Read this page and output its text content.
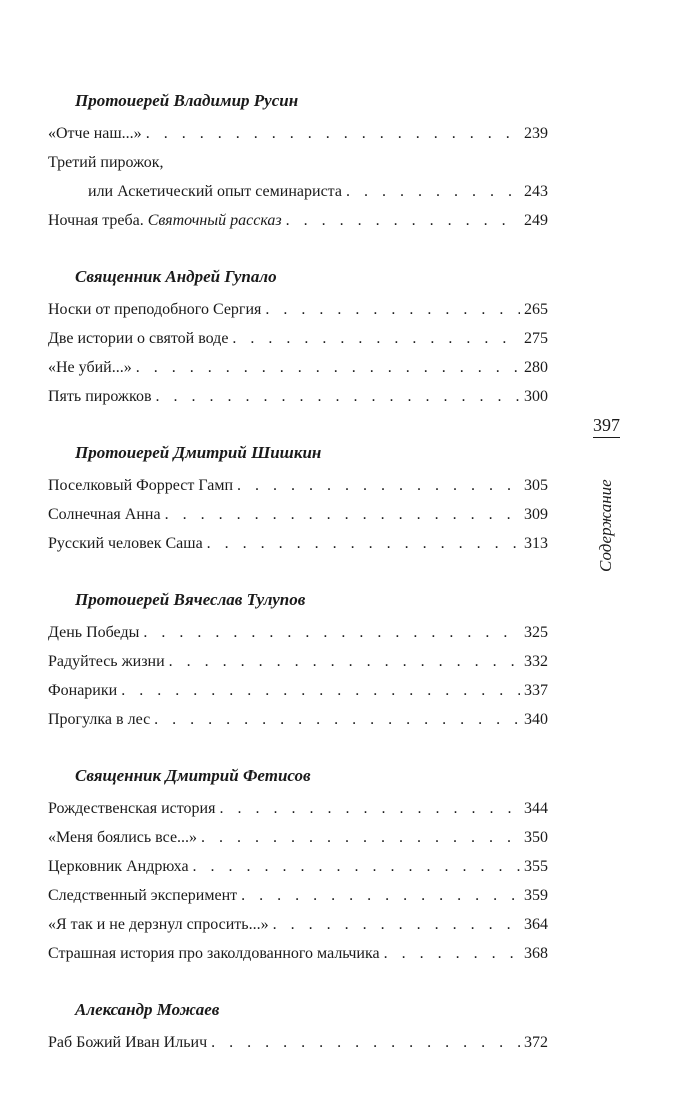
Протоиерей Владимир Русин
«Отче наш...» . . .	239
Третий пирожок,
или Аскетический опыт семинариста . . .	243
Ночная треба. Святочный рассказ . . .	249
Священник Андрей Гупало
Носки от преподобного Сергия . . .	265
Две истории о святой воде . . .	275
«Не убий...» . . .	280
Пять пирожков . . .	300
Протоиерей Дмитрий Шишкин
Поселковый Форрест Гамп . . .	305
Солнечная Анна . . .	309
Русский человек Саша . . .	313
Протоиерей Вячеслав Тулупов
День Победы . . .	325
Радуйтесь жизни . . .	332
Фонарики . . .	337
Прогулка в лес . . .	340
Священник Дмитрий Фетисов
Рождественская история . . .	344
«Меня боялись все...» . . .	350
Церковник Андрюха . . .	355
Следственный эксперимент . . .	359
«Я так и не дерзнул спросить...» . . .	364
Страшная история про заколдованного мальчика . . .	368
Александр Можаев
Раб Божий Иван Ильич . . .	372
397
Содержание
